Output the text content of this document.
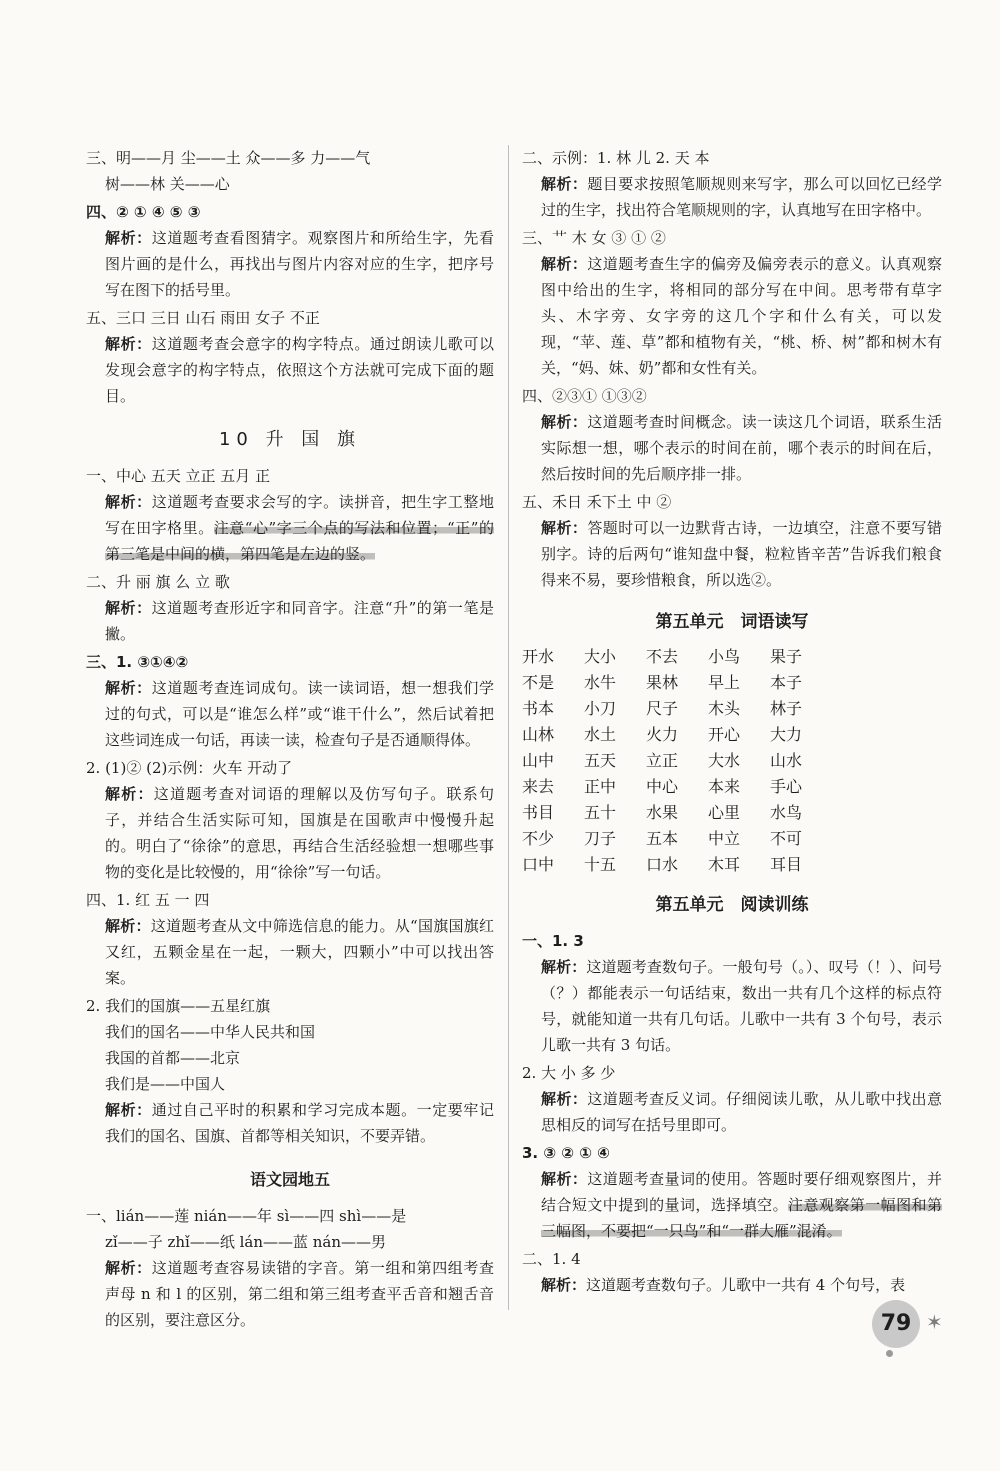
三、明——月 尘——土 众——多 力——气
树——林 关——心
四、② ① ④ ⑤ ③
解析：这道题考查看图猜字。观察图片和所给生字，先看图片画的是什么，再找出与图片内容对应的生字，把序号写在图下的括号里。
五、三口 三日 山石 雨田 女子 不正
解析：这道题考查会意字的构字特点。通过朗读儿歌可以发现会意字的构字特点，依照这个方法就可完成下面的题目。
10 升 国 旗
一、中心 五天 立正 五月 正
解析：这道题考查要求会写的字。读拼音，把生字工整地写在田字格里。注意“心”字三个点的写法和位置；“正”的第三笔是中间的横，第四笔是左边的竖。
二、升 丽 旗 么 立 歌
解析：这道题考查形近字和同音字。注意“升”的第一笔是撇。
三、1. ③①④②
解析：这道题考查连词成句。读一读词语，想一想我们学过的句式，可以是“谁怎么样”或“谁干什么”，然后试着把这些词连成一句话，再读一读，检查句子是否通顺得体。
2. (1)② (2)示例：火车 开动了
解析：这道题考查对词语的理解以及仿写句子。联系句子，并结合生活实际可知，国旗是在国歌声中慢慢升起的。明白了“徐徐”的意思，再结合生活经验想一想哪些事物的变化是比较慢的，用“徐徐”写一句话。
四、1. 红 五 一 四
解析：这道题考查从文中筛选信息的能力。从“国旗国旗红又红，五颗金星在一起，一颗大，四颗小”中可以找出答案。
2. 我们的国旗——五星红旗
我们的国名——中华人民共和国
我国的首都——北京
我们是——中国人
解析：通过自己平时的积累和学习完成本题。一定要牢记我们的国名、国旗、首都等相关知识，不要弄错。
语文园地五
一、lián——莲 nián——年 sì——四 shì——是
zǐ——子 zhǐ——纸 lán——蓝 nán——男
解析：这道题考查容易读错的字音。第一组和第四组考查声母 n 和 l 的区别，第二组和第三组考查平舌音和翘舌音的区别，要注意区分。
二、示例：1. 林 儿 2. 天 本
解析：题目要求按照笔顺规则来写字，那么可以回忆已经学过的生字，找出符合笔顺规则的字，认真地写在田字格中。
三、艹 木 女 ③ ① ②
解析：这道题考查生字的偏旁及偏旁表示的意义。认真观察图中给出的生字，将相同的部分写在中间。思考带有草字头、木字旁、女字旁的这几个字和什么有关，可以发现，“苹、莲、草”都和植物有关，“桃、桥、树”都和树木有关，“妈、妹、奶”都和女性有关。
四、②③① ①③②
解析：这道题考查时间概念。读一读这几个词语，联系生活实际想一想，哪个表示的时间在前，哪个表示的时间在后，然后按时间的先后顺序排一排。
五、禾日 禾下土 中 ②
解析：答题时可以一边默背古诗，一边填空，注意不要写错别字。诗的后两句“谁知盘中餐，粒粒皆辛苦”告诉我们粮食得来不易，要珍惜粮食，所以选②。
第五单元　词语读写
开水	大小	不去	小鸟	果子
不是	水牛	果林	早上	本子
书本	小刀	尺子	木头	林子
山林	水土	火力	开心	大力
山中	五天	立正	大水	山水
来去	正中	中心	本来	手心
书目	五十	水果	心里	水鸟
不少	刀子	五本	中立	不可
口中	十五	口水	木耳	耳目
第五单元　阅读训练
一、1. 3
解析：这道题考查数句子。一般句号（。）、叹号（！）、问号（？）都能表示一句话结束，数出一共有几个这样的标点符号，就能知道一共有几句话。儿歌中一共有 3 个句号，表示儿歌一共有 3 句话。
2. 大 小 多 少
解析：这道题考查反义词。仔细阅读儿歌，从儿歌中找出意思相反的词写在括号里即可。
3. ③ ② ① ④
解析：这道题考查量词的使用。答题时要仔细观察图片，并结合短文中提到的量词，选择填空。注意观察第一幅图和第三幅图，不要把“一只鸟”和“一群大雁”混淆。
二、1. 4
解析：这道题考查数句子。儿歌中一共有 4 个句号，表
79 ✶
